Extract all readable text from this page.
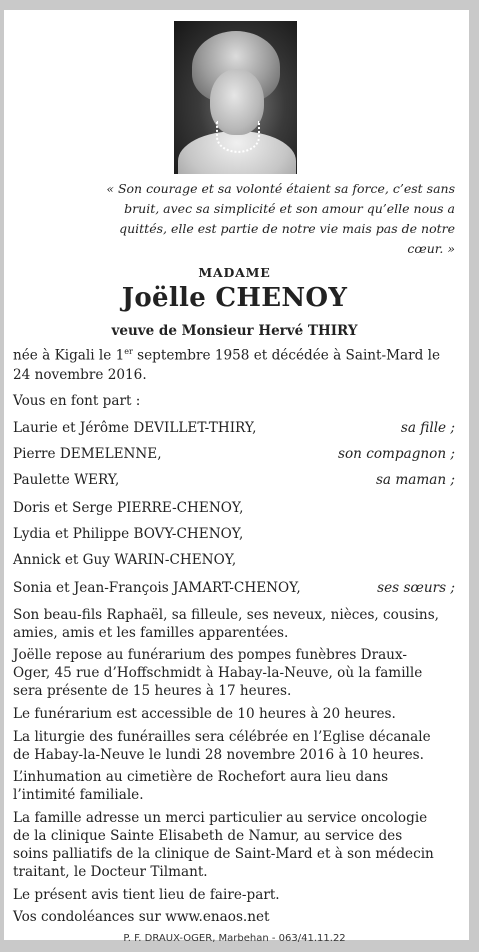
« Son courage et sa volonté étaient sa force, c’est sans
bruit, avec sa simplicité et son amour qu’elle nous a
quittés, elle est partie de notre vie mais pas de notre
cœur. »
MADAME
Joëlle CHENOY
veuve de Monsieur Hervé THIRY
née à Kigali le 1er septembre 1958 et décédée à Saint-Mard le
24 novembre 2016.
Vous en font part :
Laurie et Jérôme DEVILLET-THIRY,	sa fille ;
Pierre DEMELENNE,	son compagnon ;
Paulette WERY,	sa maman ;
Doris et Serge PIERRE-CHENOY,
Lydia et Philippe BOVY-CHENOY,
Annick et Guy WARIN-CHENOY,
Sonia et Jean-François JAMART-CHENOY,	ses sœurs ;
Son beau-fils Raphaël, sa filleule, ses neveux, nièces, cousins,
amies, amis et les familles apparentées.
Joëlle repose au funérarium des pompes funèbres Draux-
Oger, 45 rue d’Hoffschmidt à Habay-la-Neuve, où la famille
sera présente de 15 heures à 17 heures.
Le funérarium est accessible de 10 heures à 20 heures.
La liturgie des funérailles sera célébrée en l’Eglise décanale
de Habay-la-Neuve le lundi 28 novembre 2016 à 10 heures.
L’inhumation au cimetière de Rochefort aura lieu dans
l’intimité familiale.
La famille adresse un merci particulier au service oncologie
de la clinique Sainte Elisabeth de Namur, au service des
soins palliatifs de la clinique de Saint-Mard et à son médecin
traitant, le Docteur Tilmant.
Le présent avis tient lieu de faire-part.
Vos condoléances sur www.enaos.net
P. F. DRAUX-OGER, Marbehan - 063/41.11.22
